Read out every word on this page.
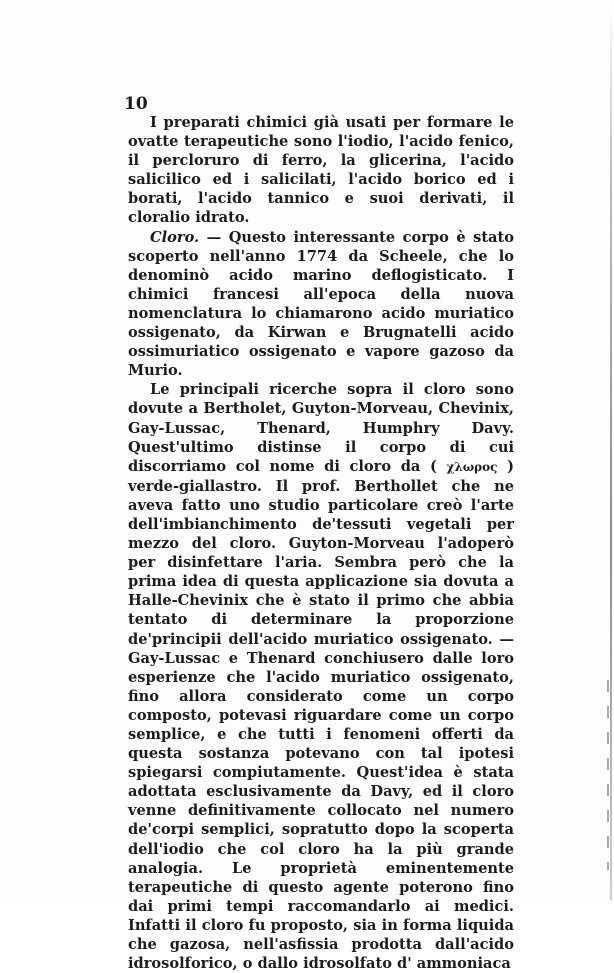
10

I preparati chimici già usati per formare le ovatte terapeutiche sono l'iodio, l'acido fenico, il percloruro di ferro, la glicerina, l'acido salicilico ed i salicilati, l'acido borico ed i borati, l'acido tannico e suoi derivati, il cloralio idrato.

Cloro. — Questo interessante corpo è stato scoperto nell'anno 1774 da Scheele, che lo denominò acido marino deflogisticato. I chimici francesi all'epoca della nuova nomenclatura lo chiamarono acido muriatico ossigenato, da Kirwan e Brugnatelli acido ossimuriatico ossigenato e vapore gazoso da Murio.

Le principali ricerche sopra il cloro sono dovute a Bertholet, Guyton-Morveau, Chevinix, Gay-Lussac, Thenard, Humphry Davy. Quest'ultimo distinse il corpo di cui discorriamo col nome di cloro da ( χλωρος ) verde-giallastro. Il prof. Berthollet che ne aveva fatto uno studio particolare creò l'arte dell'imbianchimento de'tessuti vegetali per mezzo del cloro. Guyton-Morveau l'adoperò per disinfettare l'aria. Sembra però che la prima idea di questa applicazione sia dovuta a Halle-Chevinix che è stato il primo che abbia tentato di determinare la proporzione de'principii dell'acido muriatico ossigenato. — Gay-Lussac e Thenard conchiusero dalle loro esperienze che l'acido muriatico ossigenato, fino allora considerato come un corpo composto, potevasi riguardare come un corpo semplice, e che tutti i fenomeni offerti da questa sostanza potevano con tal ipotesi spiegarsi compiutamente. Quest'idea è stata adottata esclusivamente da Davy, ed il cloro venne definitivamente collocato nel numero de'corpi semplici, sopratutto dopo la scoperta dell'iodio che col cloro ha la più grande analogia. Le proprietà eminentemente terapeutiche di questo agente poterono fino dai primi tempi raccomandarlo ai medici. Infatti il cloro fu proposto, sia in forma liquida che gazosa, nell'asfissia prodotta dall'acido idrosolforico, o dallo idrosolfato d' ammoniaca
